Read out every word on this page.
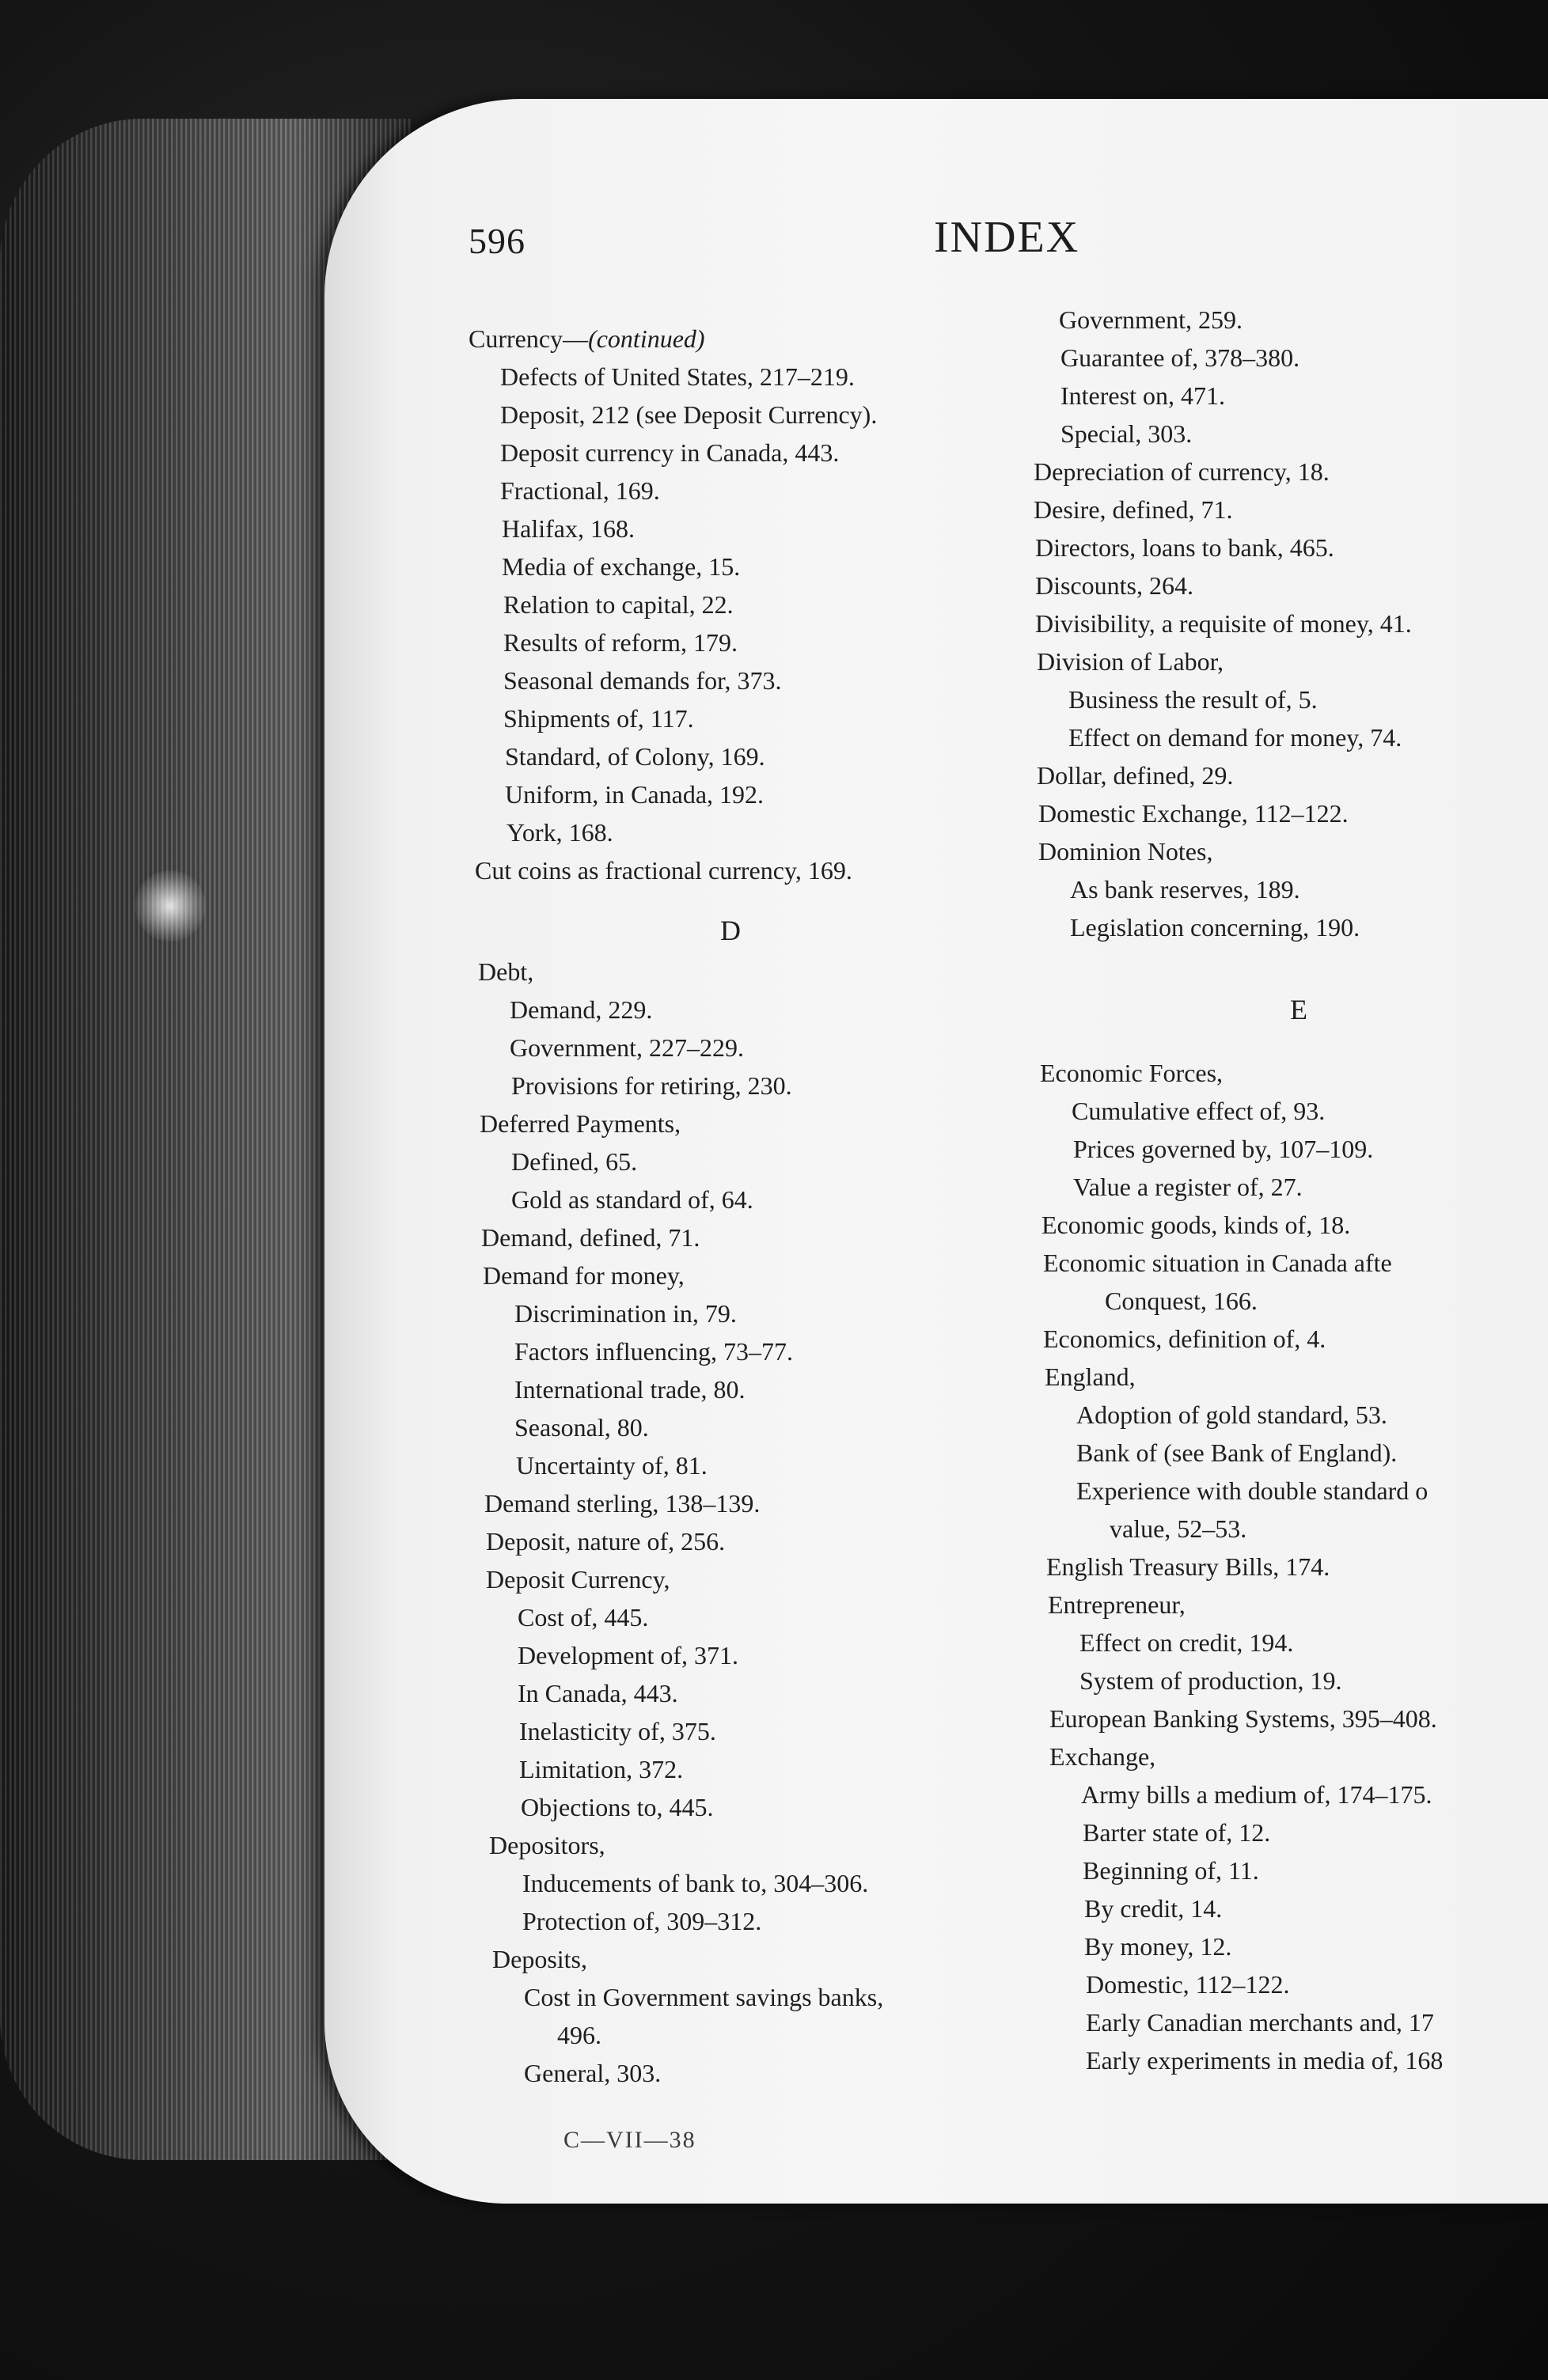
596	INDEX
Currency—(continued)
Defects of United States, 217–219.
Deposit, 212 (see Deposit Currency).
Deposit currency in Canada, 443.
Fractional, 169.
Halifax, 168.
Media of exchange, 15.
Relation to capital, 22.
Results of reform, 179.
Seasonal demands for, 373.
Shipments of, 117.
Standard, of Colony, 169.
Uniform, in Canada, 192.
York, 168.
Cut coins as fractional currency, 169.
D
Debt,
Demand, 229.
Government, 227–229.
Provisions for retiring, 230.
Deferred Payments,
Defined, 65.
Gold as standard of, 64.
Demand, defined, 71.
Demand for money,
Discrimination in, 79.
Factors influencing, 73–77.
International trade, 80.
Seasonal, 80.
Uncertainty of, 81.
Demand sterling, 138–139.
Deposit, nature of, 256.
Deposit Currency,
Cost of, 445.
Development of, 371.
In Canada, 443.
Inelasticity of, 375.
Limitation, 372.
Objections to, 445.
Depositors,
Inducements of bank to, 304–306.
Protection of, 309–312.
Deposits,
Cost in Government savings banks,
496.
General, 303.
Government, 259.
Guarantee of, 378–380.
Interest on, 471.
Special, 303.
Depreciation of currency, 18.
Desire, defined, 71.
Directors, loans to bank, 465.
Discounts, 264.
Divisibility, a requisite of money, 41.
Division of Labor,
Business the result of, 5.
Effect on demand for money, 74.
Dollar, defined, 29.
Domestic Exchange, 112–122.
Dominion Notes,
As bank reserves, 189.
Legislation concerning, 190.
E
Economic Forces,
Cumulative effect of, 93.
Prices governed by, 107–109.
Value a register of, 27.
Economic goods, kinds of, 18.
Economic situation in Canada afte
Conquest, 166.
Economics, definition of, 4.
England,
Adoption of gold standard, 53.
Bank of (see Bank of England).
Experience with double standard o
value, 52–53.
English Treasury Bills, 174.
Entrepreneur,
Effect on credit, 194.
System of production, 19.
European Banking Systems, 395–408.
Exchange,
Army bills a medium of, 174–175.
Barter state of, 12.
Beginning of, 11.
By credit, 14.
By money, 12.
Domestic, 112–122.
Early Canadian merchants and, 17
Early experiments in media of, 168
C—VII—38
